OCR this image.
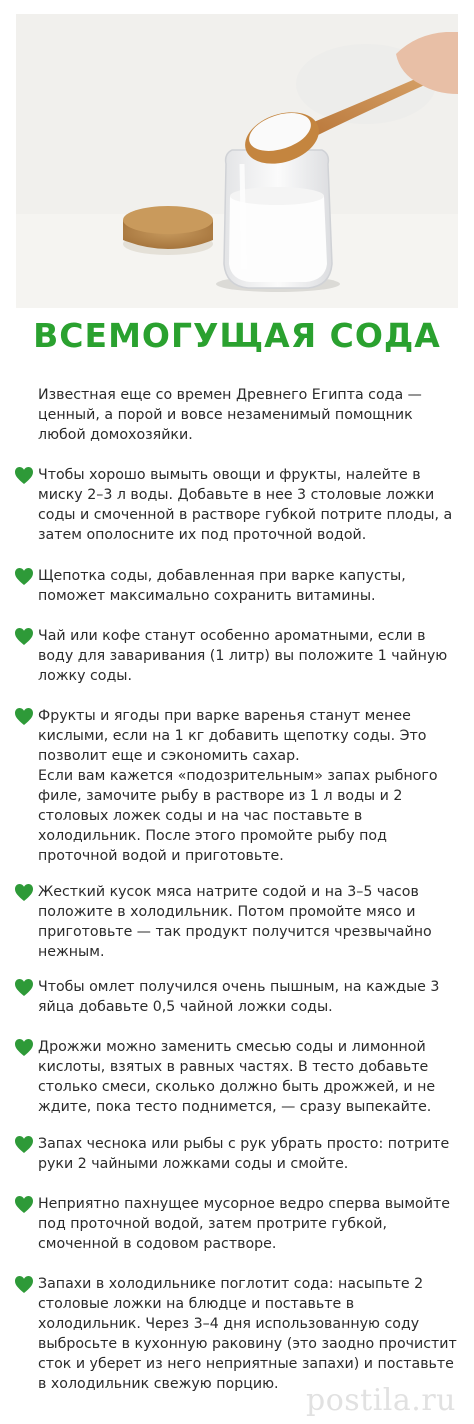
ВСЕМОГУЩАЯ СОДА

Известная еще со времен Древнего Египта сода — ценный, а порой и вовсе незаменимый помощник любой домохозяйки.

Чтобы хорошо вымыть овощи и фрукты, налейте в миску 2–3 л воды. Добавьте в нее 3 столовые ложки соды и смоченной в растворе губкой потрите плоды, а затем ополосните их под проточной водой.
Щепотка соды, добавленная при варке капусты, поможет максимально сохранить витамины.
Чай или кофе станут особенно ароматными, если в воду для заваривания (1 литр) вы положите 1 чайную ложку соды.
Фрукты и ягоды при варке варенья станут менее кислыми, если на 1 кг добавить щепотку соды. Это позволит еще и сэкономить сахар.
Если вам кажется «подозрительным» запах рыбного филе, замочите рыбу в растворе из 1 л воды и 2 столовых ложек соды и на час поставьте в холодильник. После этого промойте рыбу под проточной водой и приготовьте.
Жесткий кусок мяса натрите содой и на 3–5 часов положите в холодильник. Потом промойте мясо и приготовьте — так продукт получится чрезвычайно нежным.
Чтобы омлет получился очень пышным, на каждые 3 яйца добавьте 0,5 чайной ложки соды.
Дрожжи можно заменить смесью соды и лимонной кислоты, взятых в равных частях. В тесто добавьте столько смеси, сколько должно быть дрожжей, и не ждите, пока тесто поднимется, — сразу выпекайте.
Запах чеснока или рыбы с рук убрать просто: потрите руки 2 чайными ложками соды и смойте.
Неприятно пахнущее мусорное ведро сперва вымойте под проточной водой, затем протрите губкой, смоченной в содовом растворе.
Запахи в холодильнике поглотит сода: насыпьте 2 столовые ложки на блюдце и поставьте в холодильник. Через 3–4 дня использованную соду выбросьте в кухонную раковину (это заодно прочистит сток и уберет из него неприятные запахи) и поставьте в холодильник свежую порцию. postila.ru
